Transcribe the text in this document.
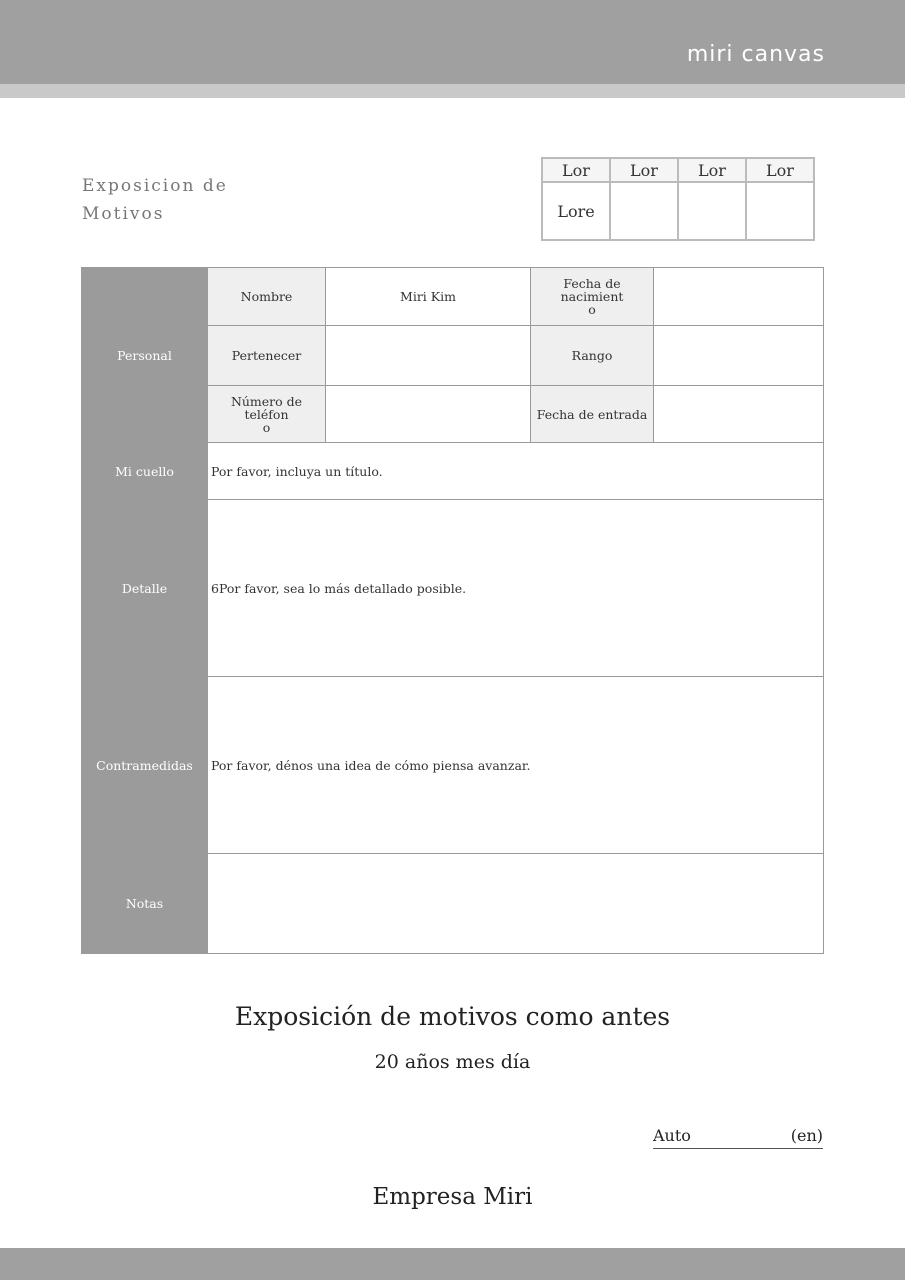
miri canvas
Exposicion de
Motivos
Lor	Lor	Lor	Lor
Lore			
Personal	Nombre	Miri Kim	Fecha de nacimient
o	

	Pertenecer		Rango	

	Número de teléfon
o		Fecha de entrada	
Mi cuello	Por favor, incluya un título.			
Detalle	6Por favor, sea lo más detallado posible.			
Contramedidas	Por favor, dénos una idea de cómo piensa avanzar.			
Notas				
Exposición de motivos como antes
20 años mes día
Auto	(en)
Empresa Miri
